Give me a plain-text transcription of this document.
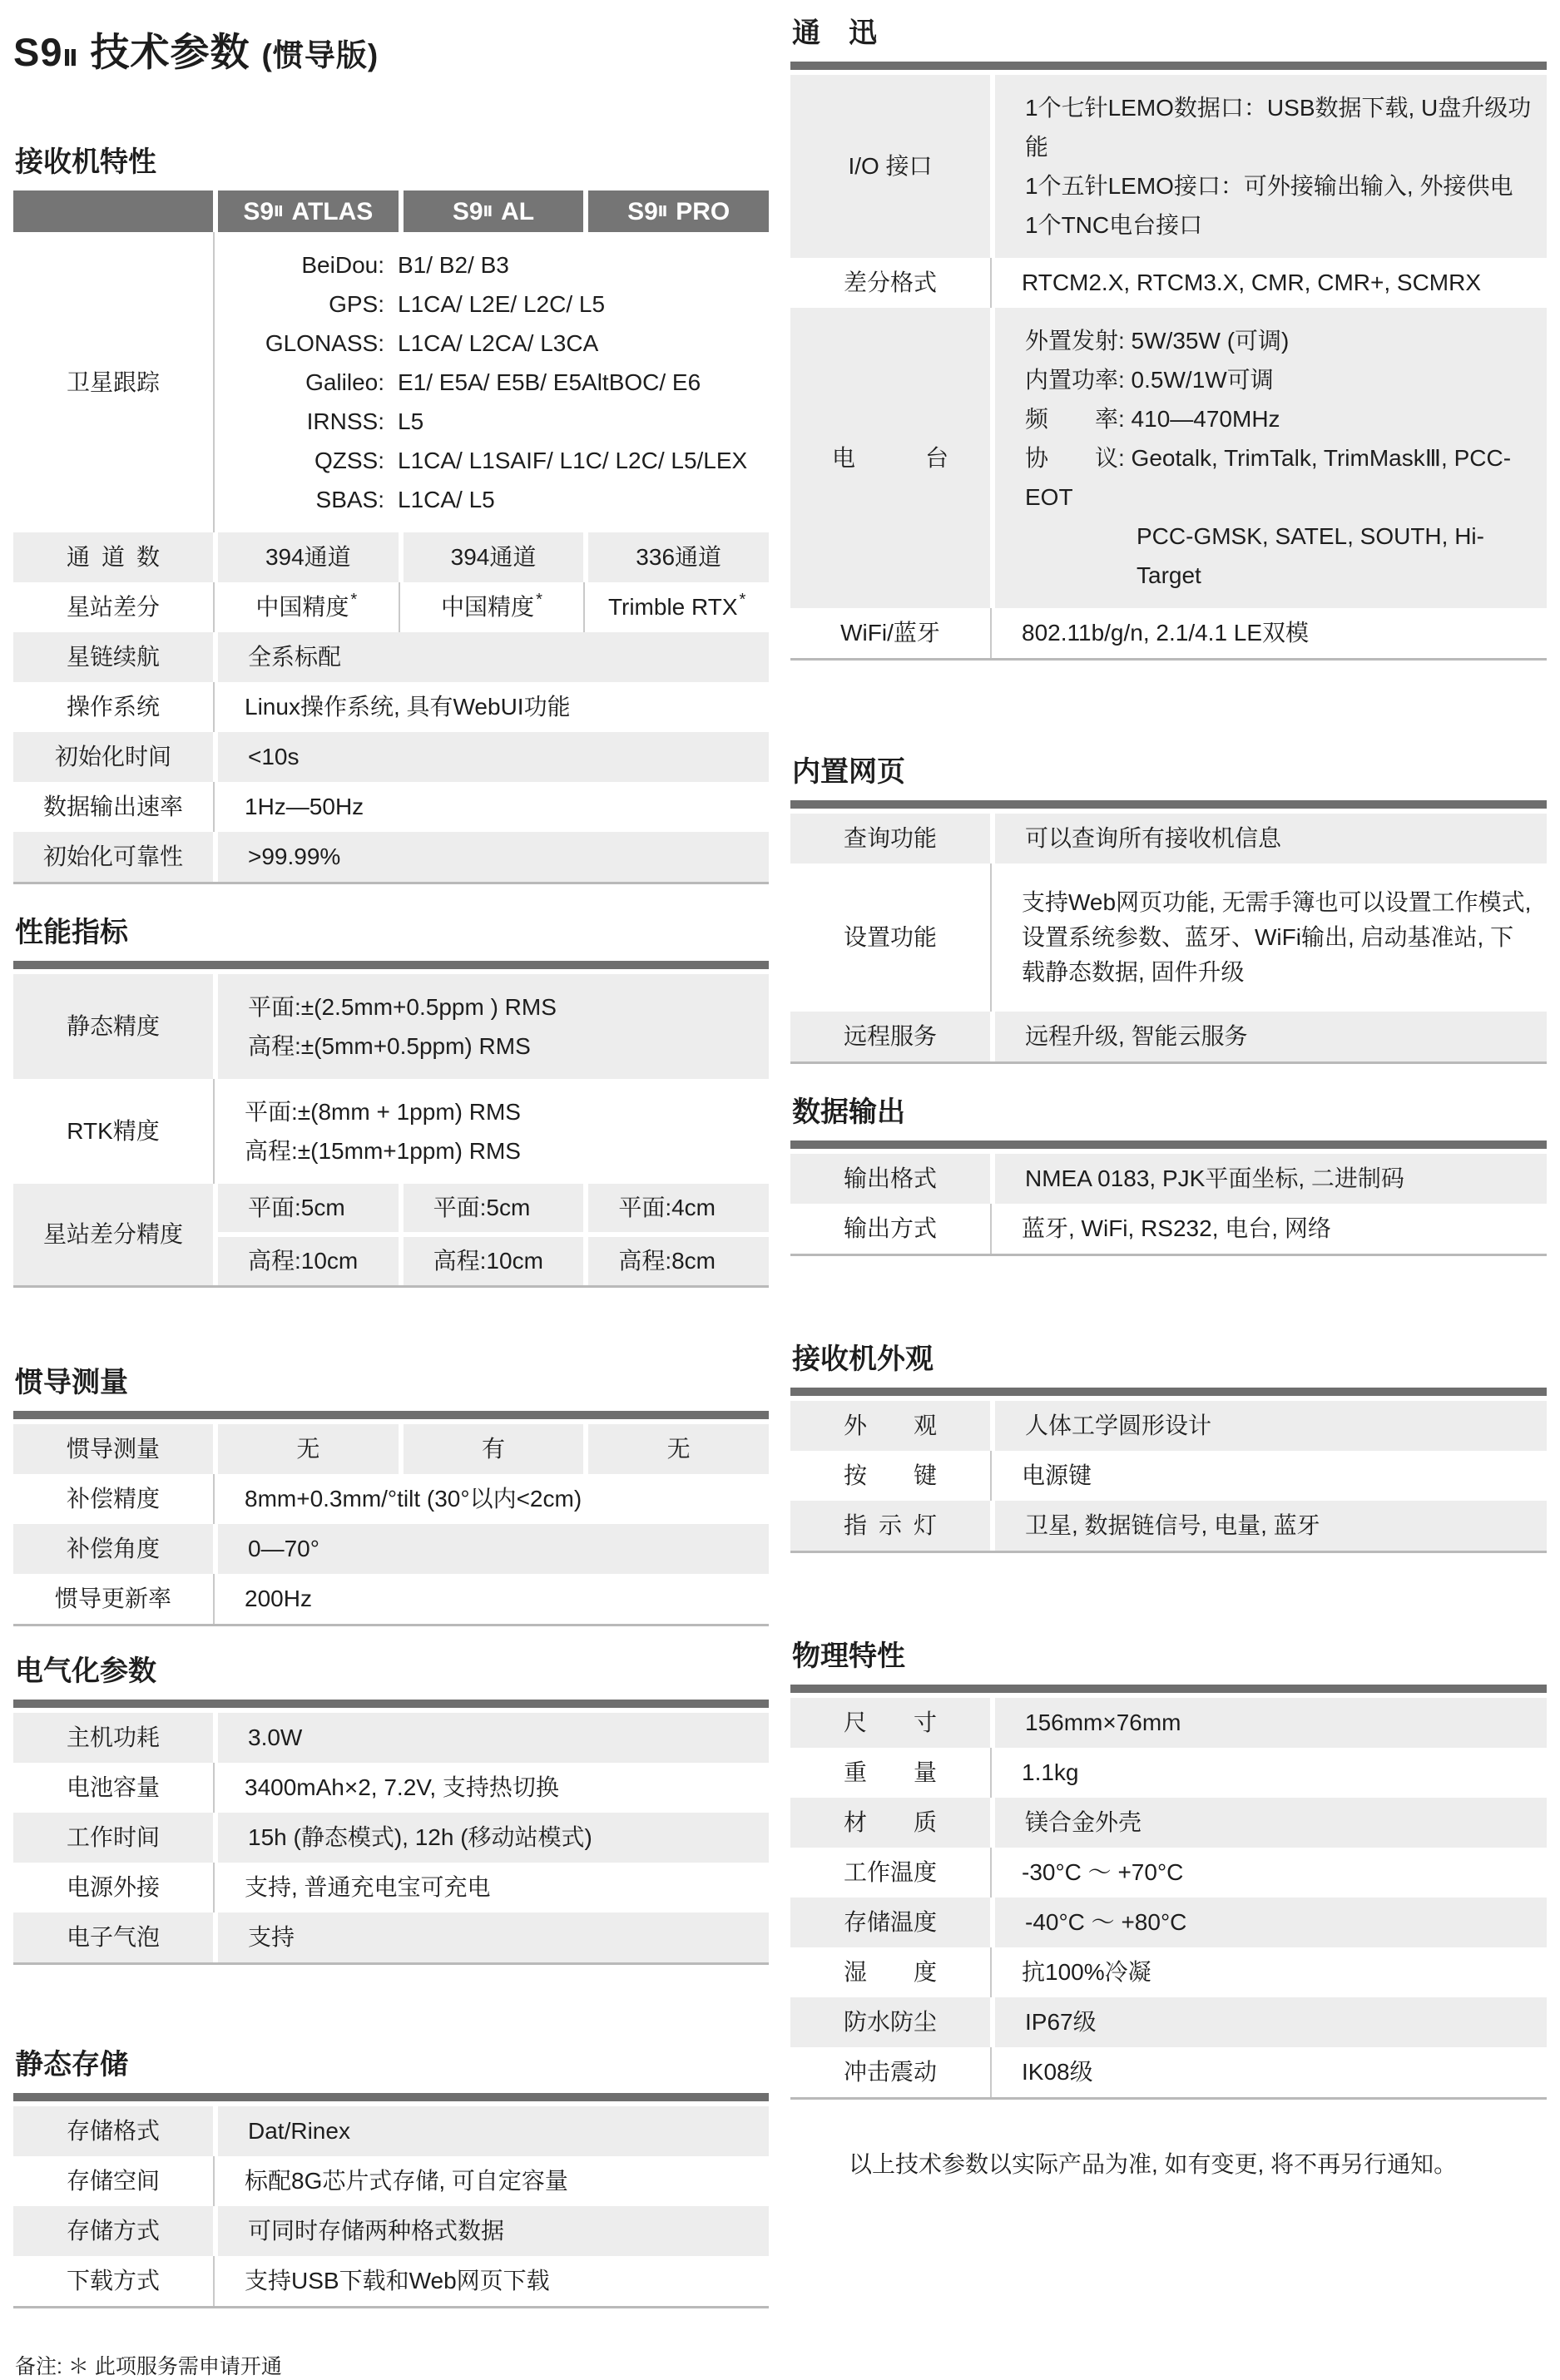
S9Ⅱ 技术参数 (惯导版)
接收机特性
S9 Ⅱ ATLAS	S9 Ⅱ AL	S9 Ⅱ PRO
卫星跟踪
BeiDou: B1/ B2/ B3
GPS: L1CA/ L2E/ L2C/ L5
GLONASS: L1CA/ L2CA/ L3CA
Galileo: E1/ E5A/ E5B/ E5AltBOC/ E6
IRNSS: L5
QZSS: L1CA/ L1SAIF/ L1C/ L2C/ L5/LEX
SBAS: L1CA/ L5
通 道 数	394通道	394通道	336通道
星站差分	中国精度 *	中国精度 *	Trimble RTX *
星链续航	全系标配
操作系统	Linux操作系统, 具有WebUI功能
初始化时间	<10s
数据输出速率	1Hz—50Hz
初始化可靠性	>99.99%
性能指标
静态精度
平面:±(2.5mm+0.5ppm ) RMS
高程:±(5mm+0.5ppm) RMS
RTK精度
平面:±(8mm + 1ppm) RMS
高程:±(15mm+1ppm) RMS
星站差分精度
平面:5cm	平面:5cm	平面:4cm
高程:10cm	高程:10cm	高程:8cm
惯导测量
惯导测量	无	有	无
补偿精度	8mm+0.3mm/°tilt (30°以内<2cm)
补偿角度	0—70°
惯导更新率	200Hz
电气化参数
主机功耗	3.0W
电池容量	3400mAh×2, 7.2V, 支持热切换
工作时间	15h (静态模式), 12h (移动站模式)
电源外接	支持, 普通充电宝可充电
电子气泡	支持
静态存储
存储格式	Dat/Rinex
存储空间	标配8G芯片式存储, 可自定容量
存储方式	可同时存储两种格式数据
下载方式	支持USB下载和Web网页下载
备注: ＊ 此项服务需申请开通
通　迅
I/O 接口
1个七针LEMO数据口：USB数据下载, U盘升级功能
1个五针LEMO接口：可外接输出输入, 外接供电
1个TNC电台接口
差分格式	RTCM2.X, RTCM3.X, CMR, CMR+, SCMRX
电　　　台
外置发射: 5W/35W (可调)
内置功率: 0.5W/1W可调
频　　率: 410—470MHz
协　　议: Geotalk, TrimTalk, TrimMaskⅢ, PCC-EOT
PCC-GMSK, SATEL, SOUTH, Hi-Target
WiFi/蓝牙	802.11b/g/n, 2.1/4.1 LE双模
内置网页
查询功能	可以查询所有接收机信息
设置功能
支持Web网页功能, 无需手簿也可以设置工作模式, 设置系统参数、蓝牙、WiFi输出, 启动基准站, 下载静态数据, 固件升级
远程服务	远程升级, 智能云服务
数据输出
输出格式	NMEA 0183, PJK平面坐标, 二进制码
输出方式	蓝牙, WiFi, RS232, 电台, 网络
接收机外观
外　　观	人体工学圆形设计
按　　键	电源键
指 示 灯	卫星, 数据链信号, 电量, 蓝牙
物理特性
尺　　寸	156mm×76mm
重　　量	1.1kg
材　　质	镁合金外壳
工作温度	-30°C ～ +70°C
存储温度	-40°C ～ +80°C
湿　　度	抗100%冷凝
防水防尘	IP67级
冲击震动	IK08级
以上技术参数以实际产品为准, 如有变更, 将不再另行通知。
